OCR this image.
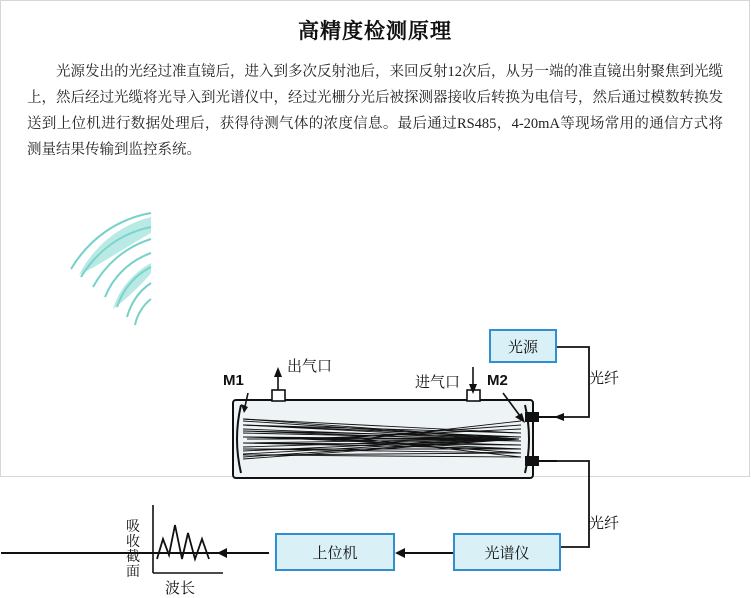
高精度检测原理
光源发出的光经过准直镜后，进入到多次反射池后，来回反射12次后，从另一端的准直镜出射聚焦到光缆上，然后经过光缆将光导入到光谱仪中，经过光栅分光后被探测器接收后转换为电信号，然后通过模数转换发送到上位机进行数据处理后，获得待测气体的浓度信息。最后通过RS485，4-20mA等现场常用的通信方式将测量结果传输到监控系统。
M1	M2
出气口
进气口	光纤
光纤
吸收截面
波长
光源
光谱仪
上位机
